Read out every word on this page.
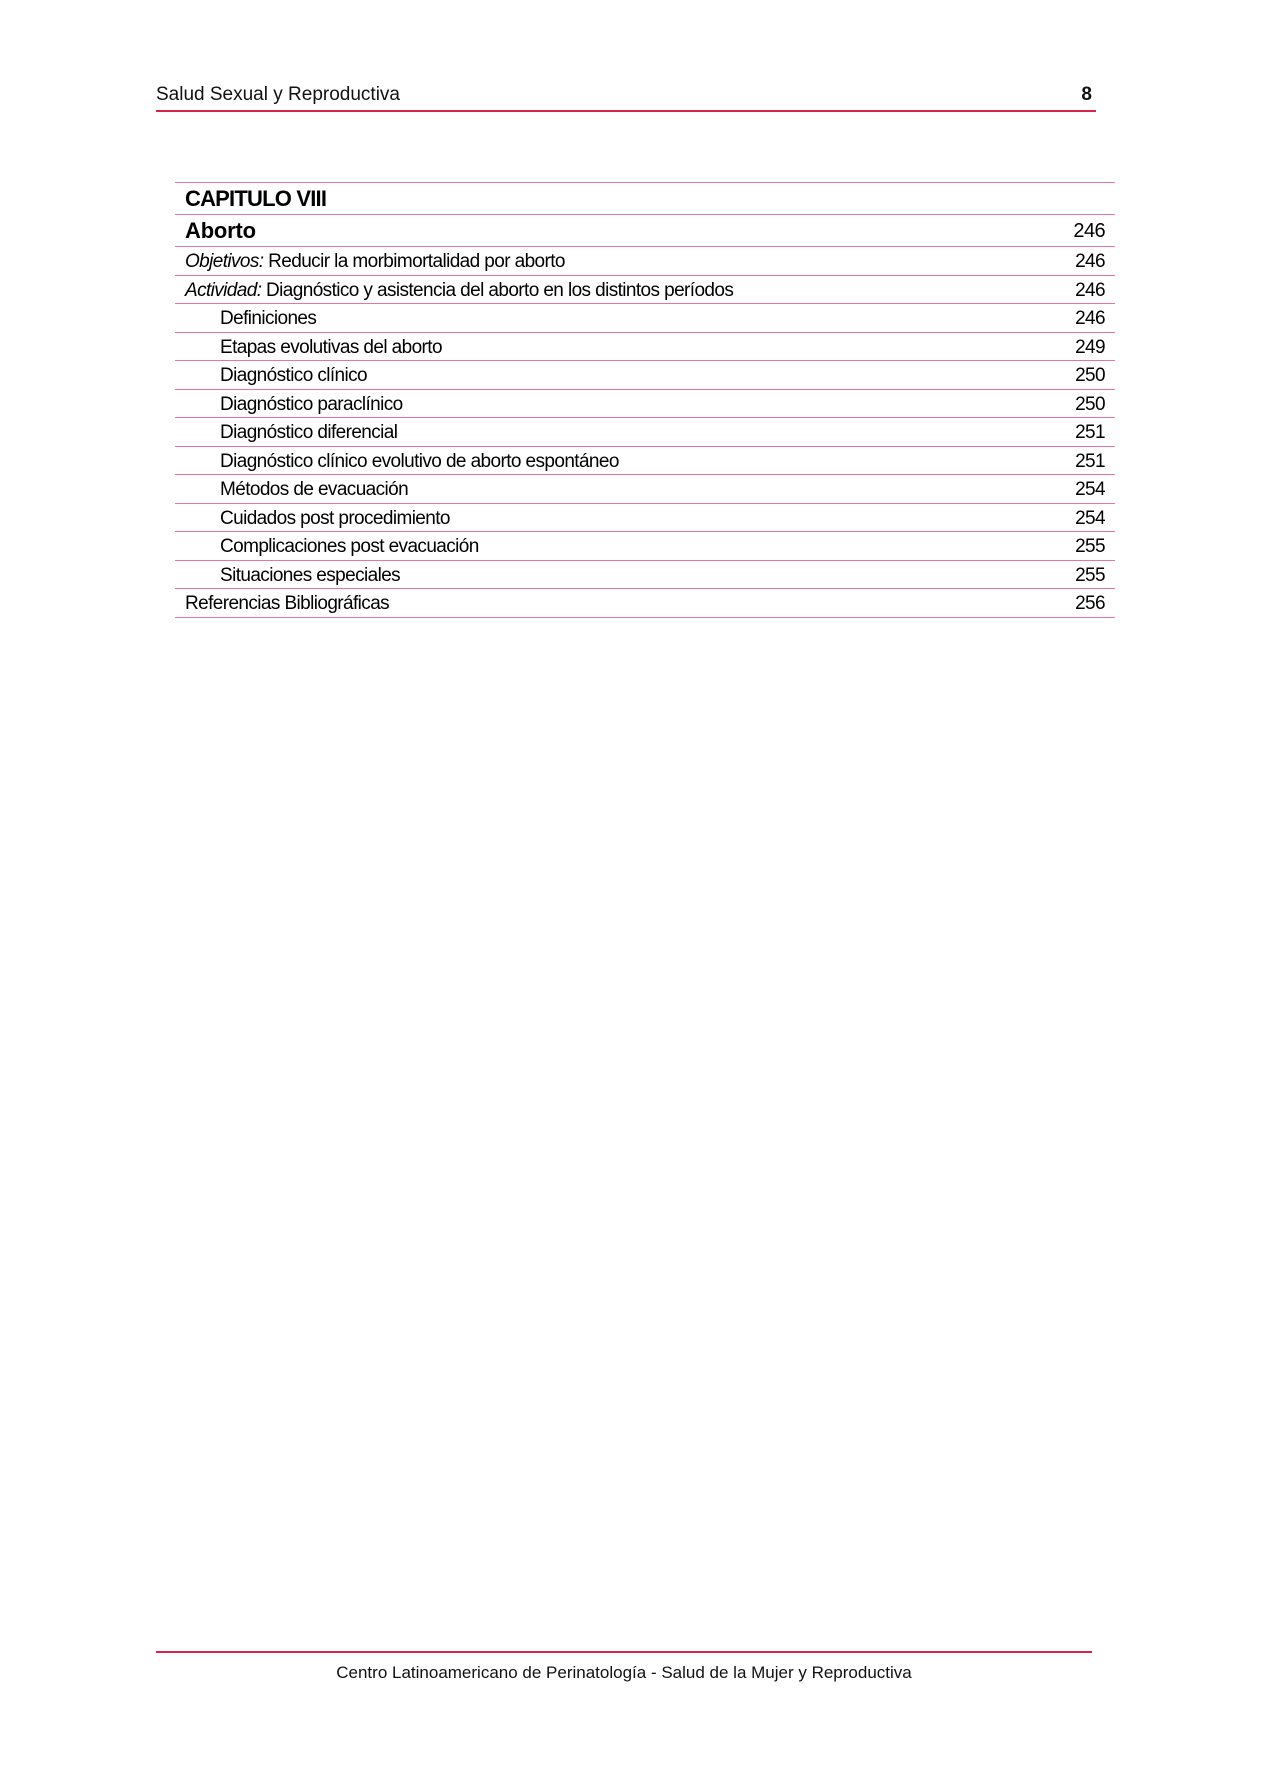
Salud Sexual y Reproductiva	8
CAPITULO VIII
Aborto	246
Objetivos: Reducir la morbimortalidad por aborto	246
Actividad: Diagnóstico y asistencia del aborto en los distintos períodos	246
Definiciones	246
Etapas evolutivas del aborto	249
Diagnóstico clínico	250
Diagnóstico paraclínico	250
Diagnóstico diferencial	251
Diagnóstico clínico evolutivo de aborto espontáneo	251
Métodos de evacuación	254
Cuidados post procedimiento	254
Complicaciones post evacuación	255
Situaciones especiales	255
Referencias Bibliográficas	256
Centro Latinoamericano de Perinatología - Salud de la Mujer y Reproductiva
